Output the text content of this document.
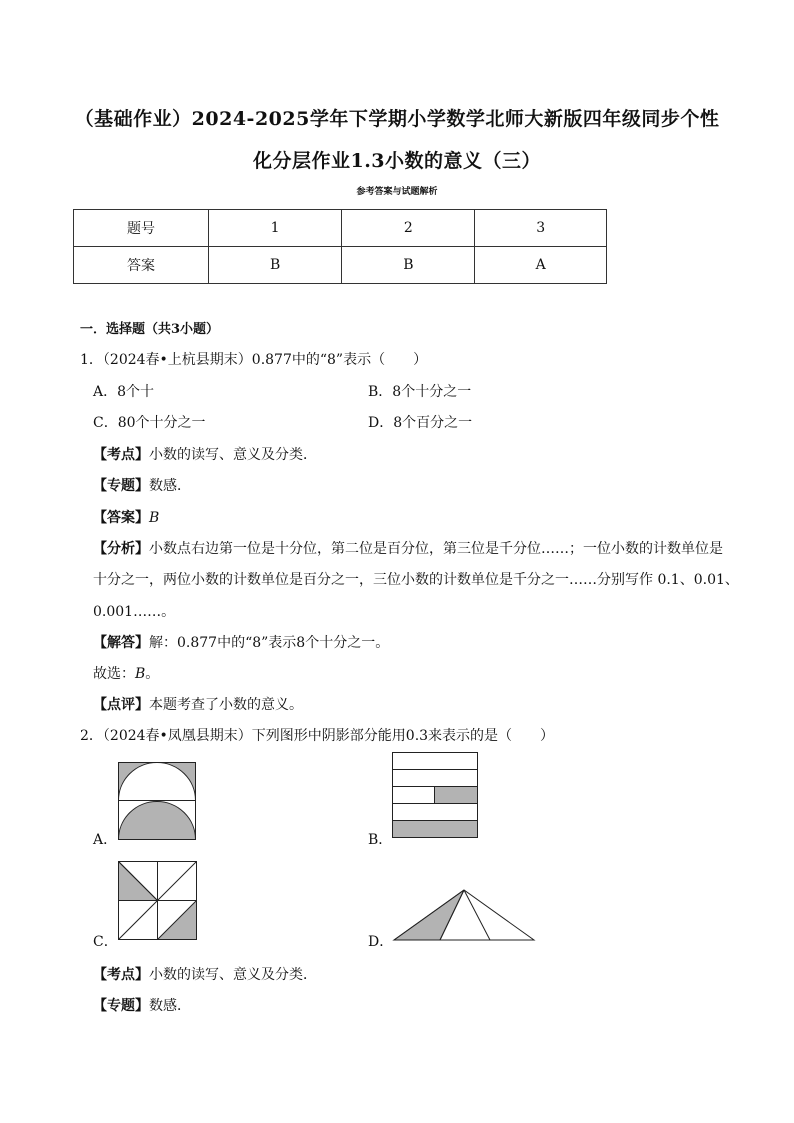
（基础作业）2024-2025学年下学期小学数学北师大新版四年级同步个性
化分层作业1.3小数的意义（三）
参考答案与试题解析
题号	1	2	3
答案	B	B	A
一．选择题（共3小题）
1．（2024春•上杭县期末）0.877中的“8”表示（　　）
A．8个十	B．8个十分之一
C．80个十分之一	D．8个百分之一
【考点】小数的读写、意义及分类．
【专题】数感．
【答案】B
【分析】小数点右边第一位是十分位，第二位是百分位，第三位是千分位……；一位小数的计数单位是
十分之一，两位小数的计数单位是百分之一，三位小数的计数单位是千分之一……分别写作 0.1、0.01、
0.001……。
【解答】解：0.877中的“8”表示8个十分之一。
故选：B。
【点评】本题考查了小数的意义。
2．（2024春•凤凰县期末）下列图形中阴影部分能用0.3来表示的是（　　）
A．	B．
C．	D．
【考点】小数的读写、意义及分类．
【专题】数感．
